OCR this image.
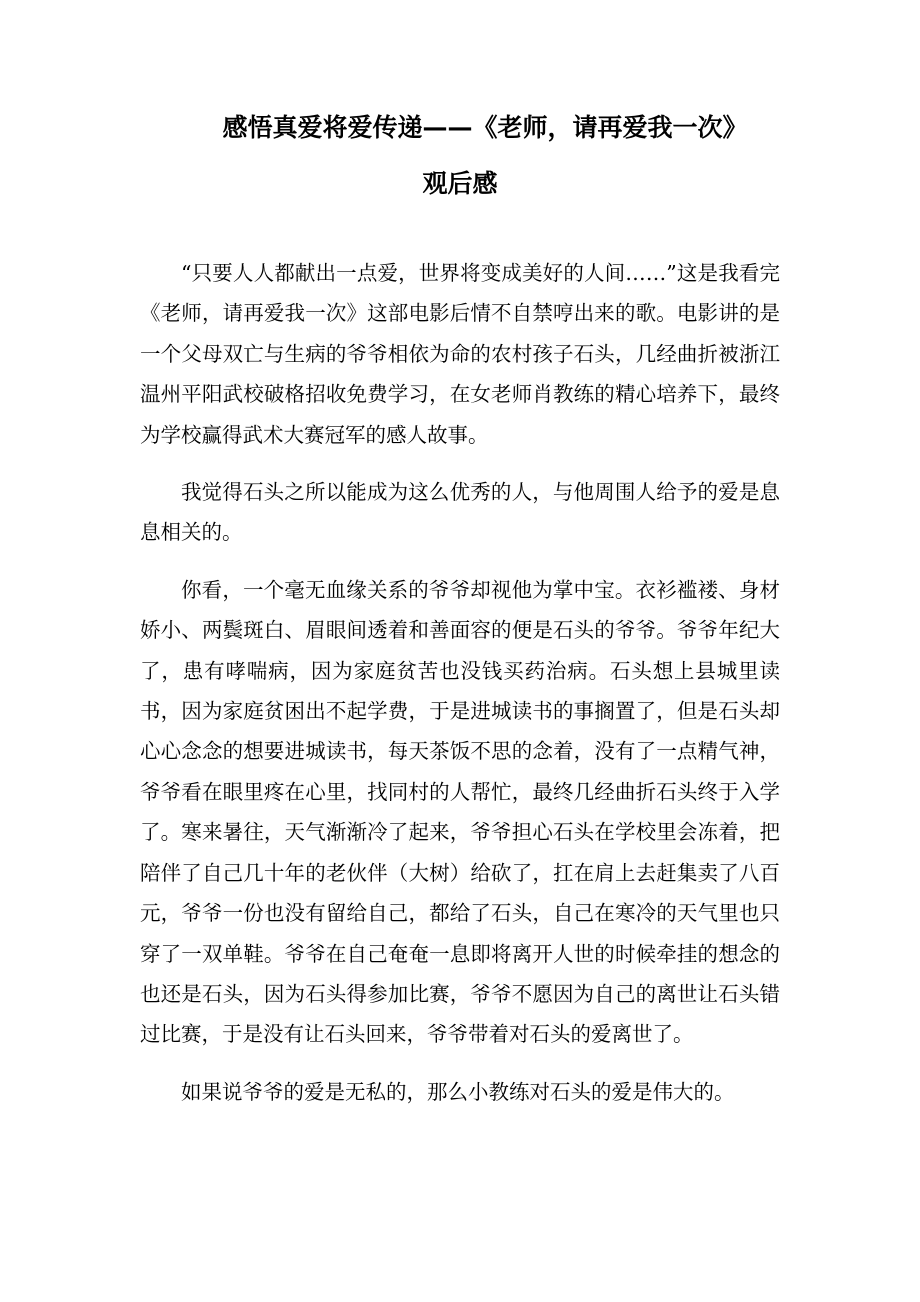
感悟真爱将爱传递——《老师，请再爱我一次》
观后感

“只要人人都献出一点爱，世界将变成美好的人间……”这是我看完《老师，请再爱我一次》这部电影后情不自禁哼出来的歌。电影讲的是一个父母双亡与生病的爷爷相依为命的农村孩子石头，几经曲折被浙江温州平阳武校破格招收免费学习，在女老师肖教练的精心培养下，最终为学校赢得武术大赛冠军的感人故事。

我觉得石头之所以能成为这么优秀的人，与他周围人给予的爱是息息相关的。

你看，一个毫无血缘关系的爷爷却视他为掌中宝。衣衫褴褛、身材娇小、两鬓斑白、眉眼间透着和善面容的便是石头的爷爷。爷爷年纪大了，患有哮喘病，因为家庭贫苦也没钱买药治病。石头想上县城里读书，因为家庭贫困出不起学费，于是进城读书的事搁置了，但是石头却心心念念的想要进城读书，每天茶饭不思的念着，没有了一点精气神，爷爷看在眼里疼在心里，找同村的人帮忙，最终几经曲折石头终于入学了。寒来暑往，天气渐渐冷了起来，爷爷担心石头在学校里会冻着，把陪伴了自己几十年的老伙伴（大树）给砍了，扛在肩上去赶集卖了八百元，爷爷一份也没有留给自己，都给了石头，自己在寒冷的天气里也只穿了一双单鞋。爷爷在自己奄奄一息即将离开人世的时候牵挂的想念的也还是石头，因为石头得参加比赛，爷爷不愿因为自己的离世让石头错过比赛，于是没有让石头回来，爷爷带着对石头的爱离世了。

如果说爷爷的爱是无私的，那么小教练对石头的爱是伟大的。
